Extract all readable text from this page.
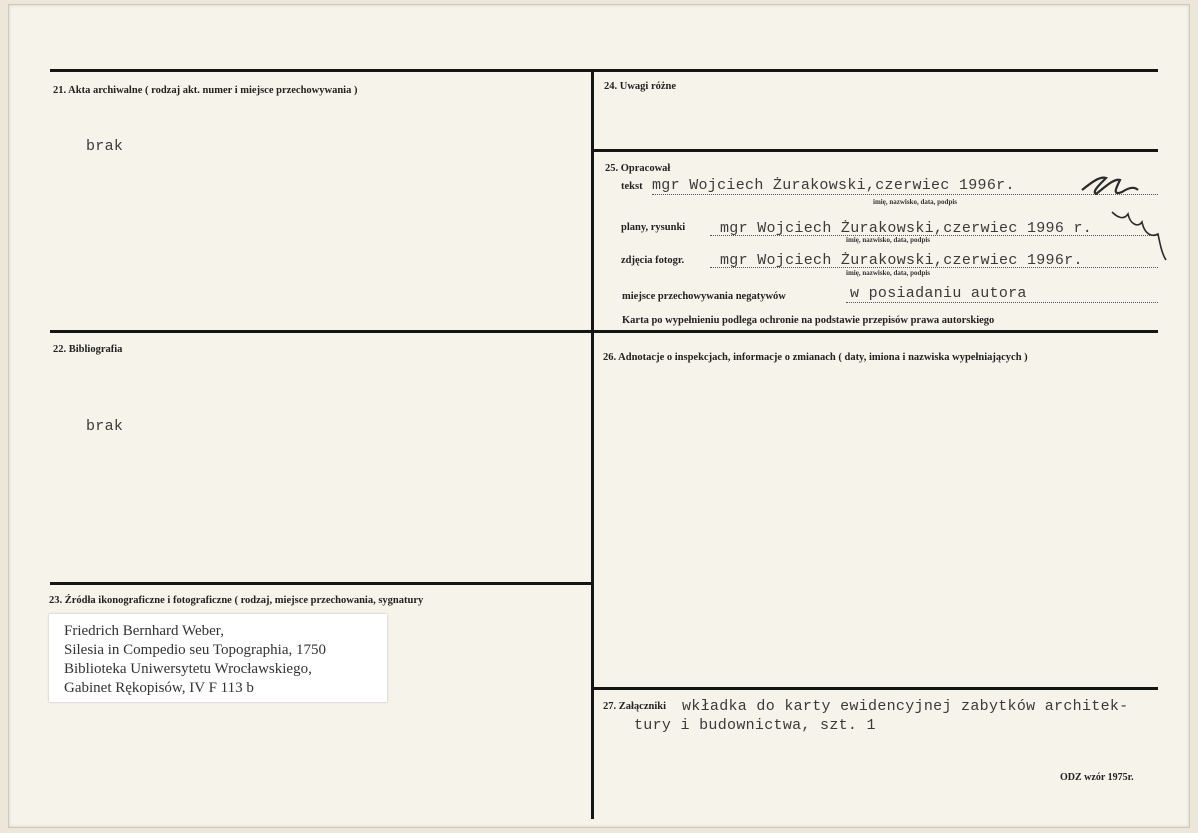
21. Akta archiwalne ( rodzaj akt. numer i miejsce przechowywania )
brak
22. Bibliografia
brak
23. Źródła ikonograficzne i fotograficzne ( rodzaj, miejsce przechowania, sygnatury
Friedrich Bernhard Weber,
Silesia in Compedio seu Topographia, 1750
Biblioteka Uniwersytetu Wrocławskiego,
Gabinet Rękopisów, IV F 113 b
24. Uwagi różne
25. Opracował
tekst mgr Wojciech Żurakowski,czerwiec 1996r.
imię, nazwisko, data, podpis
plany, rysunki mgr Wojciech Żurakowski,czerwiec 1996 r.
imię, nazwisko, data, podpis
zdjęcia fotogr. mgr Wojciech Żurakowski,czerwiec 1996r.
imię, nazwisko, data, podpis
miejsce przechowywania negatywów	w posiadaniu autora
Karta po wypełnieniu podlega ochronie na podstawie przepisów prawa autorskiego
26. Adnotacje o inspekcjach, informacje o zmianach ( daty, imiona i nazwiska wypełniających )
27. Załączniki wkładka do karty ewidencyjnej zabytków architek-
tury i budownictwa, szt. 1
ODZ wzór 1975r.
